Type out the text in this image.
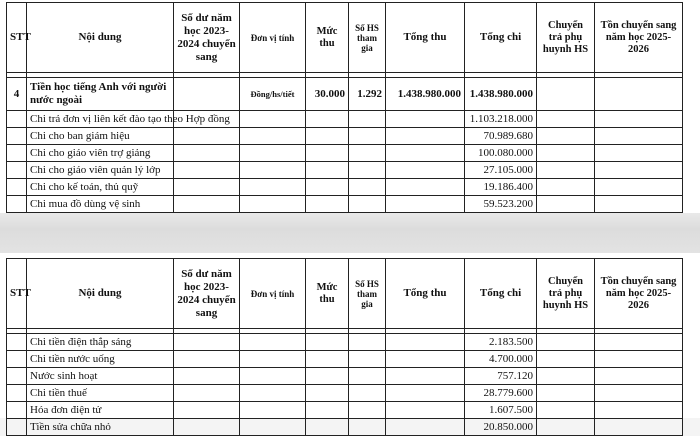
STT	Nội dung	Số dư năm học 2023-2024 chuyển sang	Đơn vị tính	Mức thu	Số HS tham gia	Tổng thu	Tổng chi	Chuyển trả phụ huynh HS	Tồn chuyển sang năm học 2025-2026

4	Tiền học tiếng Anh với người nước ngoài		Đồng/hs/tiết	30.000	1.292	1.438.980.000	1.438.980.000		
	Chi trả đơn vị liên kết đào tạo theo Hợp đồng						1.103.218.000		
	Chi cho ban giám hiệu						70.989.680		
	Chi cho giáo viên trợ giảng						100.080.000		
	Chi cho giáo viên quản lý lớp						27.105.000		
	Chi cho kế toán, thủ quỹ						19.186.400		
	Chi mua đồ dùng vệ sinh						59.523.200		
STT	Nội dung	Số dư năm học 2023-2024 chuyển sang	Đơn vị tính	Mức thu	Số HS tham gia	Tổng thu	Tổng chi	Chuyển trả phụ huynh HS	Tồn chuyển sang năm học 2025-2026

	Chi tiền điện thắp sáng						2.183.500		
	Chi tiền nước uống						4.700.000		
	Nước sinh hoạt						757.120		
	Chi tiền thuế						28.779.600		
	Hóa đơn điện tử						1.607.500		
	Tiền sửa chữa nhỏ						20.850.000		
